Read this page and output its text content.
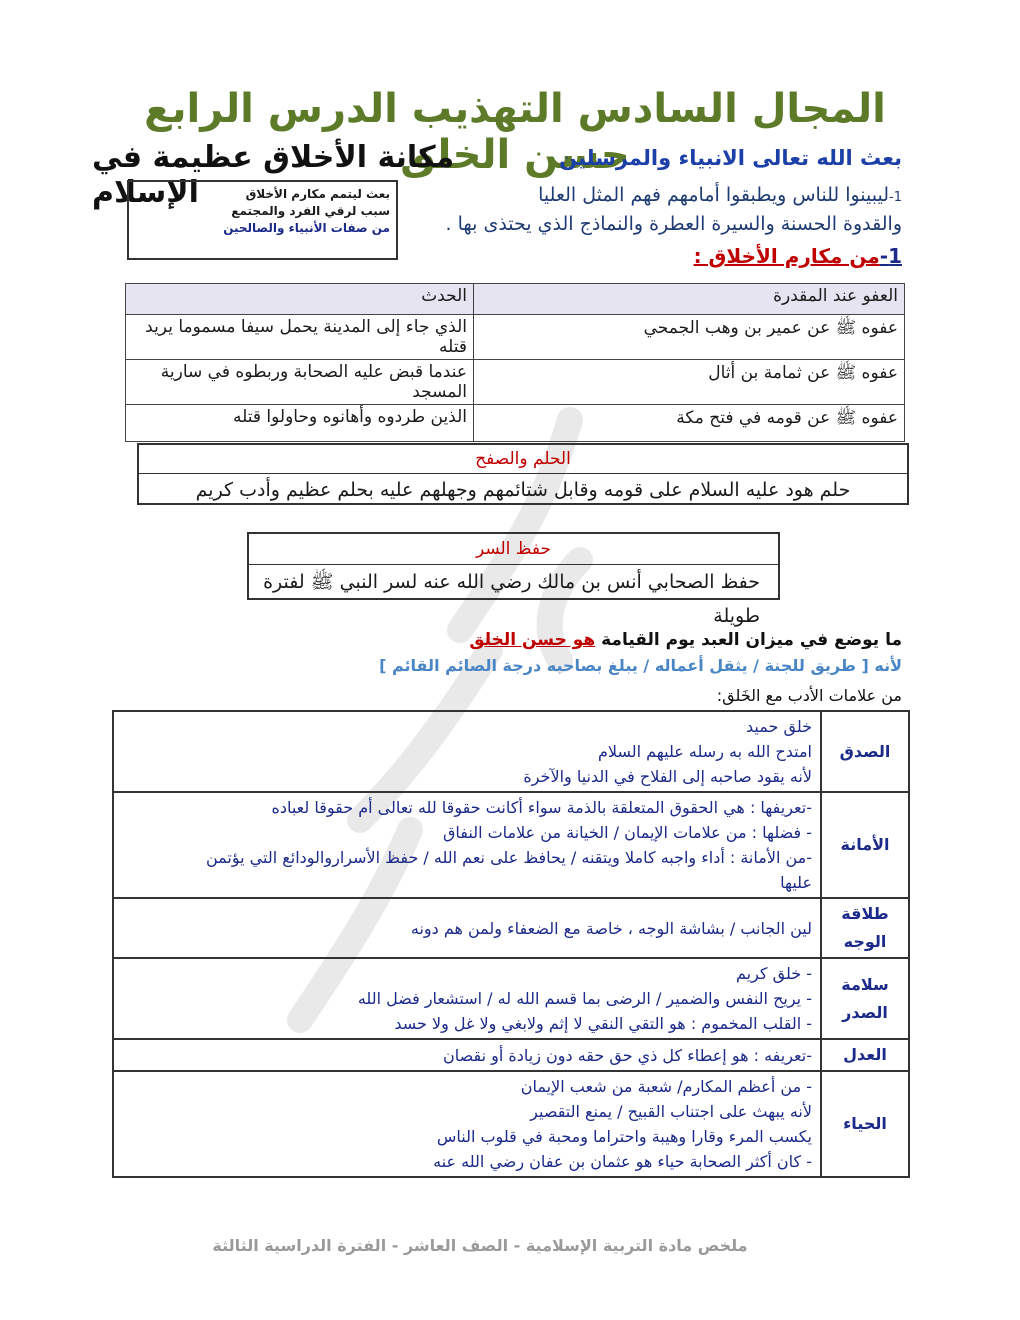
المجال السادس التهذيب الدرس الرابع حسن الخلق
مكانة الأخلاق عظيمة في الإسلام
بعث الله تعالى الانبياء والمرسلين
بعث ليتمم مكارم الأخلاق
سبب لرقي الفرد والمجتمع
من صفات الأنبياء والصالحين
1-ليبينوا للناس ويطبقوا أمامهم فهم المثل العليا
والقدوة الحسنة والسيرة العطرة والنماذج الذي يحتذى بها .
1-من مكارم الأخلاق :
العفو عند المقدرة	الحدث
عفوه ﷺ عن عمير بن وهب الجمحي	الذي جاء إلى المدينة يحمل سيفا مسموما يريد قتله
عفوه ﷺ عن ثمامة بن أثال	عندما قبض عليه الصحابة وربطوه في سارية المسجد
عفوه ﷺ عن قومه في فتح مكة	الذين طردوه وأهانوه وحاولوا قتله
الحلم والصفح
حلم هود عليه السلام على قومه وقابل شتائمهم وجهلهم عليه بحلم عظيم وأدب كريم
حفظ السر
حفظ الصحابي أنس بن مالك رضي الله عنه لسر النبي ﷺ لفترة طويلة
ما يوضع في ميزان العبد يوم القيامة هو حسن الخلق
لأنه [ طريق للجنة / يثقل أعماله / يبلغ بصاحبه درجة الصائم القائم ]
من علامات الأدب مع الخَلق:
الصدق	خلق حميد
امتدح الله به رسله عليهم السلام
لأنه يقود صاحبه إلى الفلاح في الدنيا والآخرة

الأمانة	-تعريفها : هي الحقوق المتعلقة بالذمة سواء أكانت حقوقا لله تعالى أم حقوقا لعباده
- فضلها : من علامات الإيمان / الخيانة من علامات النفاق
-من الأمانة : أداء واجبه كاملا ويتقنه / يحافظ على نعم الله / حفظ الأسراروالودائع التي يؤتمن
عليها

طلاقة الوجه	لين الجانب / بشاشة الوجه ، خاصة مع الضعفاء ولمن هم دونه

سلامة الصدر	- خلق كريم
- يريح النفس والضمير / الرضى بما قسم الله له / استشعار فضل الله
- القلب المخموم : هو التقي النقي لا إثم ولابغي ولا غل ولا حسد

العدل	-تعريفه : هو إعطاء كل ذي حق حقه دون زيادة أو نقصان

الحياء	- من أعظم المكارم/ شعبة من شعب الإيمان
لأنه يبهث على اجتناب القبيح / يمنع التقصير
يكسب المرء وقارا وهيبة واحتراما ومحبة في قلوب الناس
- كان أكثر الصحابة حياء هو عثمان بن عفان رضي الله عنه
ملخص مادة التربية الإسلامية - الصف العاشر - الفترة الدراسية الثالثة
